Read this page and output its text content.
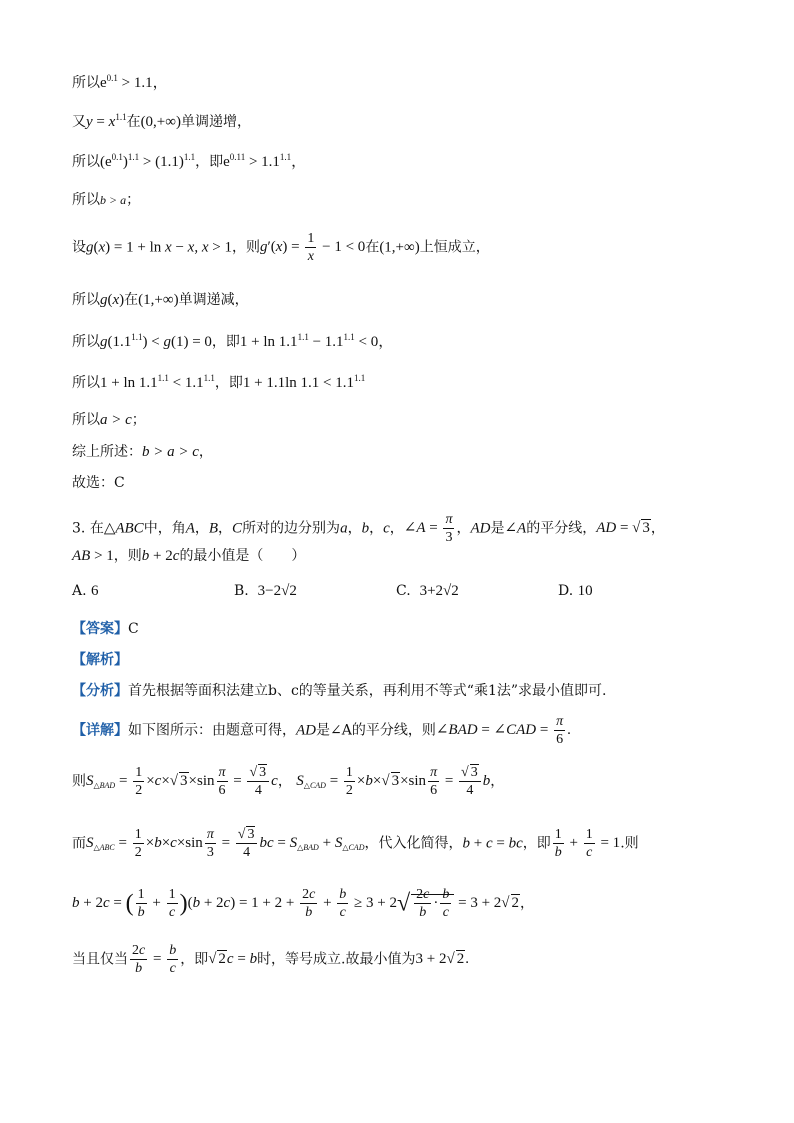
所以$e^{0.1} > 1.1$，
又$y = x^{1.1}$在(0,+∞)单调递增，
所以$(e^{0.1})^{1.1} > (1.1)^{1.1}$，即$e^{0.11} > 1.1^{1.1}$，
所以b > a；
设g(x) = 1 + ln x − x, x > 1，则$g'(x) = \frac{1}{x} - 1 < 0$在(1,+∞)上恒成立，
所以g(x)在(1,+∞)单调递减，
所以$g(1.1^{1.1}) < g(1) = 0$，即$1 + \ln 1.1^{1.1} - 1.1^{1.1} < 0$，
所以$1 + \ln 1.1^{1.1} < 1.1^{1.1}$，即1 + 1.1ln $1.1 < 1.1^{1.1}$
所以a > c；
综上所述：b > a > c，
故选：C
3. 在△ABC中，角A，B，C所对的边分别为a，b，c，∠A = $\frac{\pi}{3}$ ，AD是∠A的平分线，AD = √ 3，
AB > 1，则b + 2c的最小值是（　　）
A. 6	B. 3−2√2	C. 3+2√2	D. 10
【答案】C
【解析】
【分析】首先根据等面积法建立b、c的等量关系，再利用不等式“乘1法”求最小值即可.
【详解】如下图所示：由题意可得，AD是∠A的平分线，则∠BAD = ∠CAD = $\frac{\pi}{6}$ .
则$S_{\triangle BAD} = \frac{1}{2} \times c\times√$ $3\times\sin \frac{\pi}{6} = \frac{√ 3}{4}$ c， $S_{\triangle CAD} = \frac{1}{2} \times b\times√$ $3\times\sin \frac{\pi}{6} = \frac{√ 3}{4}$ b，
而$S_{\triangle ABC} = \frac{1}{2} \times b\times c\times\sin \frac{\pi}{3} = \frac{√ 3}{4}$ bc = $S_{\triangle BAD} + S_{\triangle CAD}$，代入化简得，b + c = bc，即 $\frac{1}{b} + \frac{1}{c} = 1$.则
b + 2c = ( $\frac{1}{b} + \frac{1}{c} )(b + 2c) = 1 + 2 + \frac{2c}{b} + \frac{b}{c} \ge 3 + 2√ \frac{2c}{b} \cdot \frac{b}{c} = 3 + 2√$ 2，
当且仅当 $\frac{2c}{b} = \frac{b}{c}$ ，即√ 2c = b时，等号成立.故最小值为3 + 2√ 2.
